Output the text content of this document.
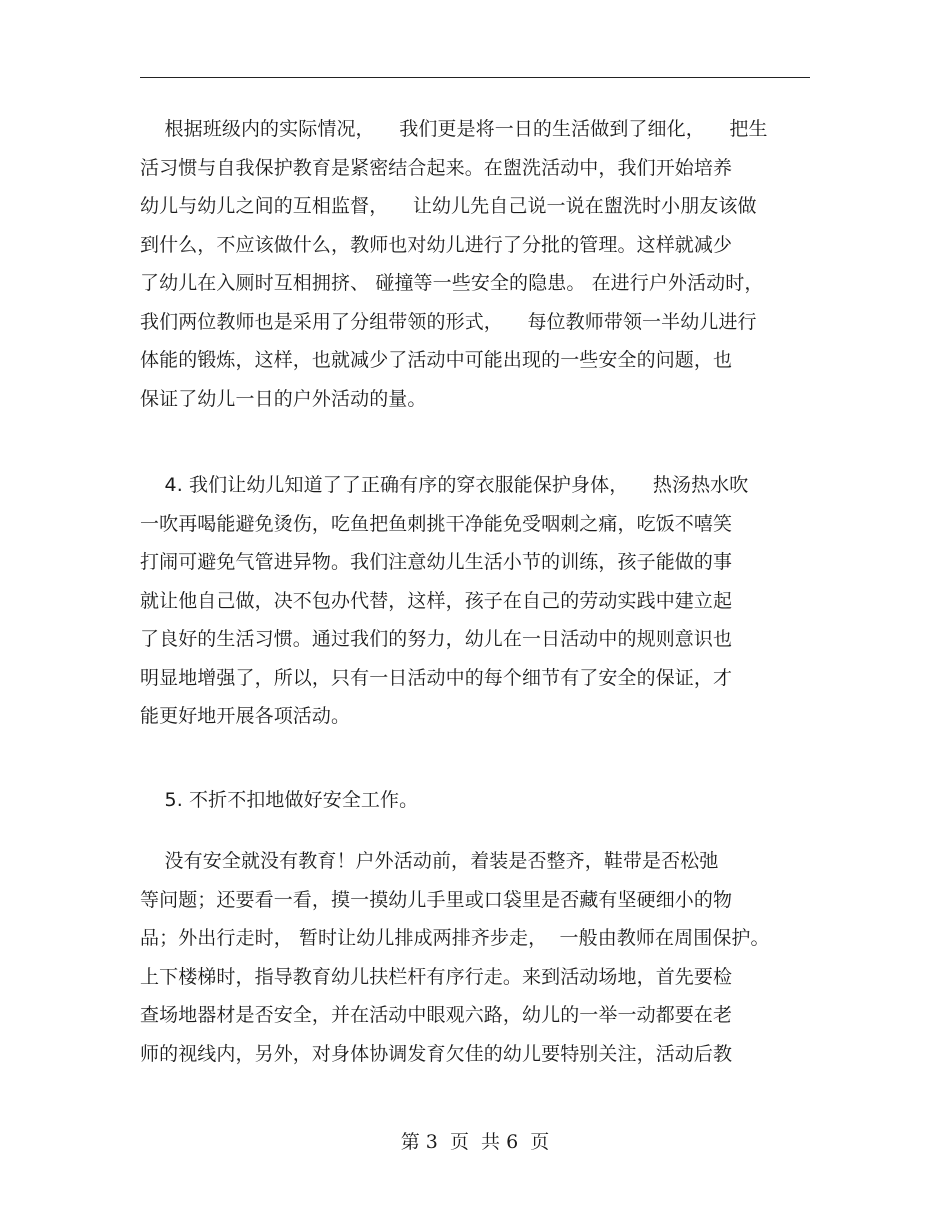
根据班级内的实际情况，    我们更是将一日的生活做到了细化，    把生
活习惯与自我保护教育是紧密结合起来。在盥洗活动中，我们开始培养
幼儿与幼儿之间的互相监督，    让幼儿先自己说一说在盥洗时小朋友该做
到什么，不应该做什么，教师也对幼儿进行了分批的管理。这样就减少
了幼儿在入厕时互相拥挤、 碰撞等一些安全的隐患。 在进行户外活动时，
我们两位教师也是采用了分组带领的形式，    每位教师带领一半幼儿进行
体能的锻炼，这样，也就减少了活动中可能出现的一些安全的问题，也
保证了幼儿一日的户外活动的量。
4. 我们让幼儿知道了了正确有序的穿衣服能保护身体，    热汤热水吹
一吹再喝能避免烫伤，吃鱼把鱼刺挑干净能免受咽刺之痛，吃饭不嘻笑
打闹可避免气管进异物。我们注意幼儿生活小节的训练，孩子能做的事
就让他自己做，决不包办代替，这样，孩子在自己的劳动实践中建立起
了良好的生活习惯。通过我们的努力，幼儿在一日活动中的规则意识也
明显地增强了，所以，只有一日活动中的每个细节有了安全的保证，才
能更好地开展各项活动。
5. 不折不扣地做好安全工作。
没有安全就没有教育！户外活动前，着装是否整齐，鞋带是否松弛
等问题；还要看一看，摸一摸幼儿手里或口袋里是否藏有坚硬细小的物
品；外出行走时， 暂时让幼儿排成两排齐步走，  一般由教师在周围保护。
上下楼梯时，指导教育幼儿扶栏杆有序行走。来到活动场地，首先要检
查场地器材是否安全，并在活动中眼观六路，幼儿的一举一动都要在老
师的视线内，另外，对身体协调发育欠佳的幼儿要特别关注，活动后教
第 3  页  共 6  页
